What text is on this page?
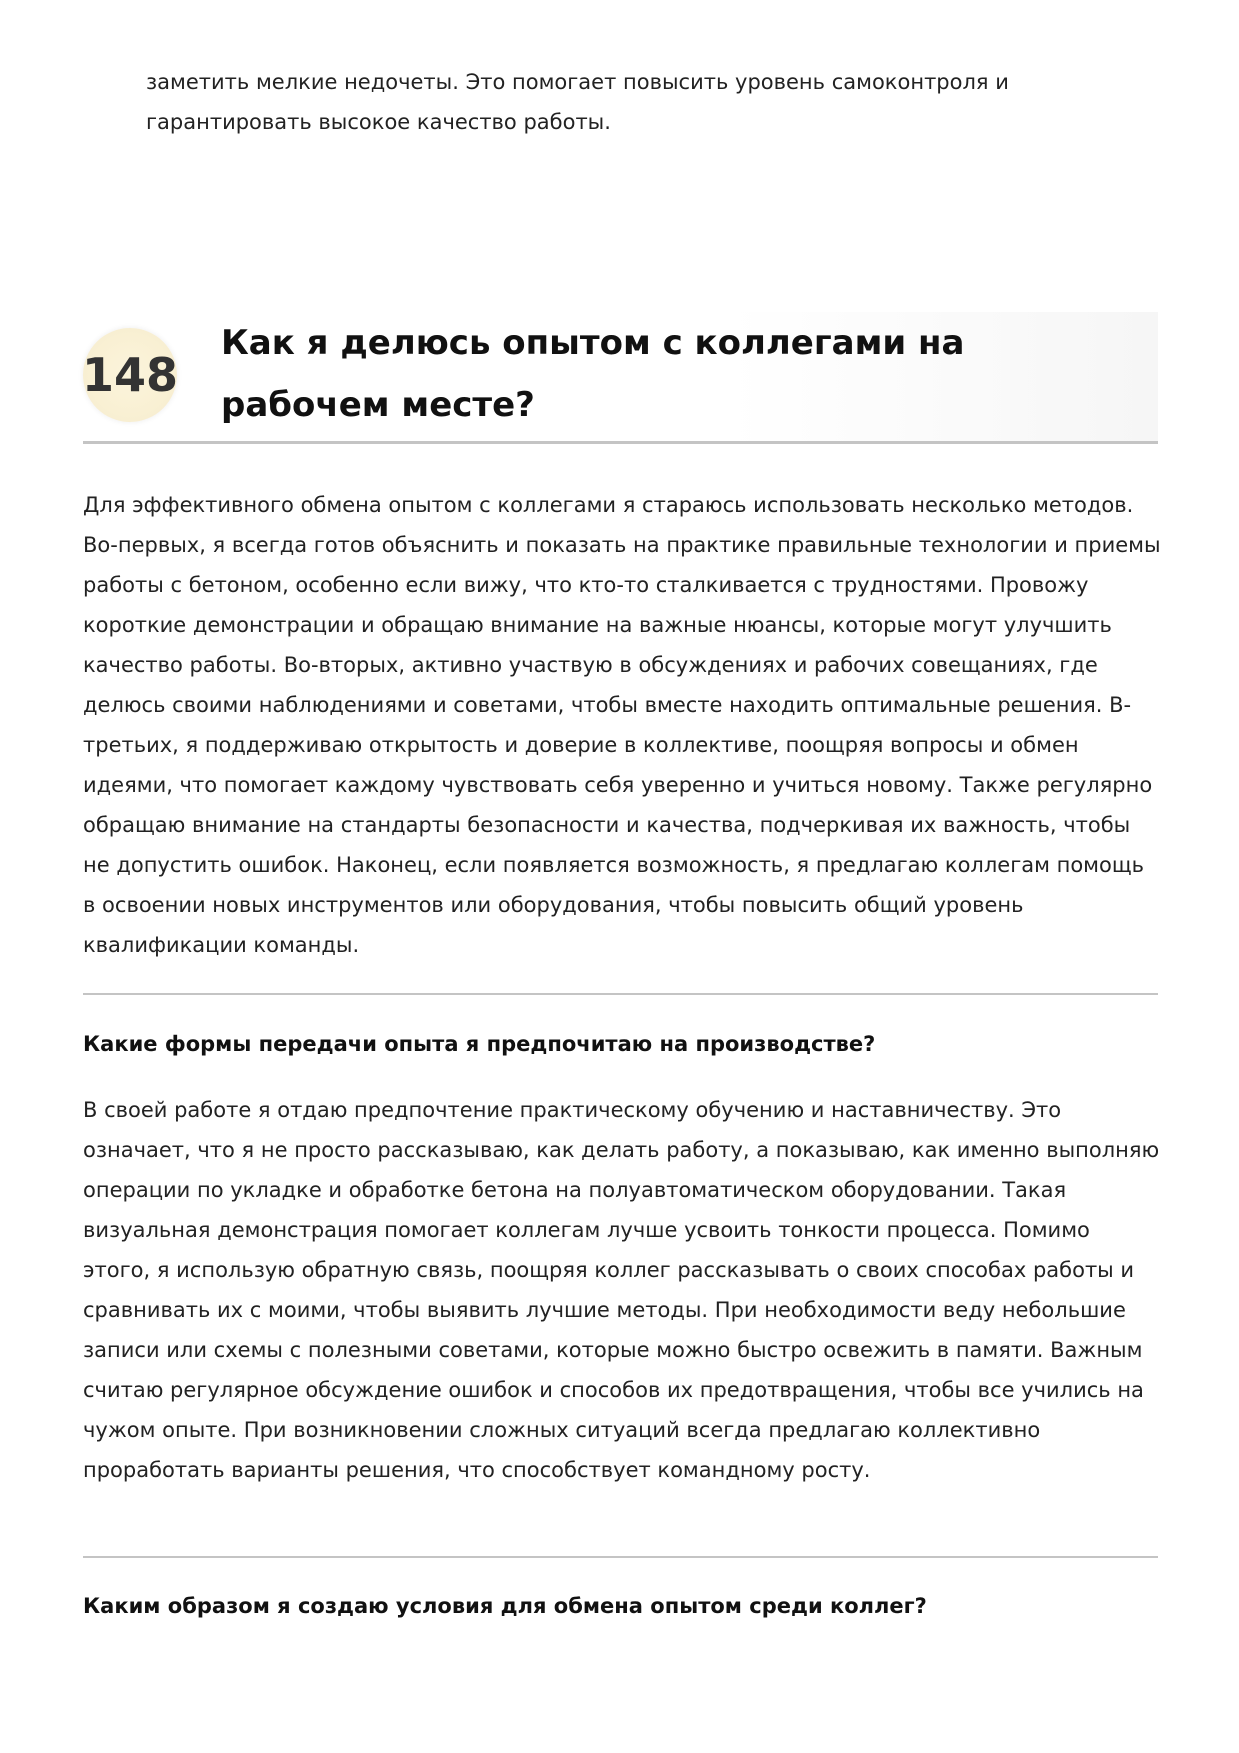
заметить мелкие недочеты. Это помогает повысить уровень самоконтроля и гарантировать высокое качество работы.

148
Как я делюсь опытом с коллегами на рабочем месте?

Для эффективного обмена опытом с коллегами я стараюсь использовать несколько методов. Во-первых, я всегда готов объяснить и показать на практике правильные технологии и приемы работы с бетоном, особенно если вижу, что кто-то сталкивается с трудностями. Провожу короткие демонстрации и обращаю внимание на важные нюансы, которые могут улучшить качество работы. Во-вторых, активно участвую в обсуждениях и рабочих совещаниях, где делюсь своими наблюдениями и советами, чтобы вместе находить оптимальные решения. В-третьих, я поддерживаю открытость и доверие в коллективе, поощряя вопросы и обмен идеями, что помогает каждому чувствовать себя уверенно и учиться новому. Также регулярно обращаю внимание на стандарты безопасности и качества, подчеркивая их важность, чтобы не допустить ошибок. Наконец, если появляется возможность, я предлагаю коллегам помощь в освоении новых инструментов или оборудования, чтобы повысить общий уровень квалификации команды.

Какие формы передачи опыта я предпочитаю на производстве?

В своей работе я отдаю предпочтение практическому обучению и наставничеству. Это означает, что я не просто рассказываю, как делать работу, а показываю, как именно выполняю операции по укладке и обработке бетона на полуавтоматическом оборудовании. Такая визуальная демонстрация помогает коллегам лучше усвоить тонкости процесса. Помимо этого, я использую обратную связь, поощряя коллег рассказывать о своих способах работы и сравнивать их с моими, чтобы выявить лучшие методы. При необходимости веду небольшие записи или схемы с полезными советами, которые можно быстро освежить в памяти. Важным считаю регулярное обсуждение ошибок и способов их предотвращения, чтобы все учились на чужом опыте. При возникновении сложных ситуаций всегда предлагаю коллективно проработать варианты решения, что способствует командному росту.

Каким образом я создаю условия для обмена опытом среди коллег?
